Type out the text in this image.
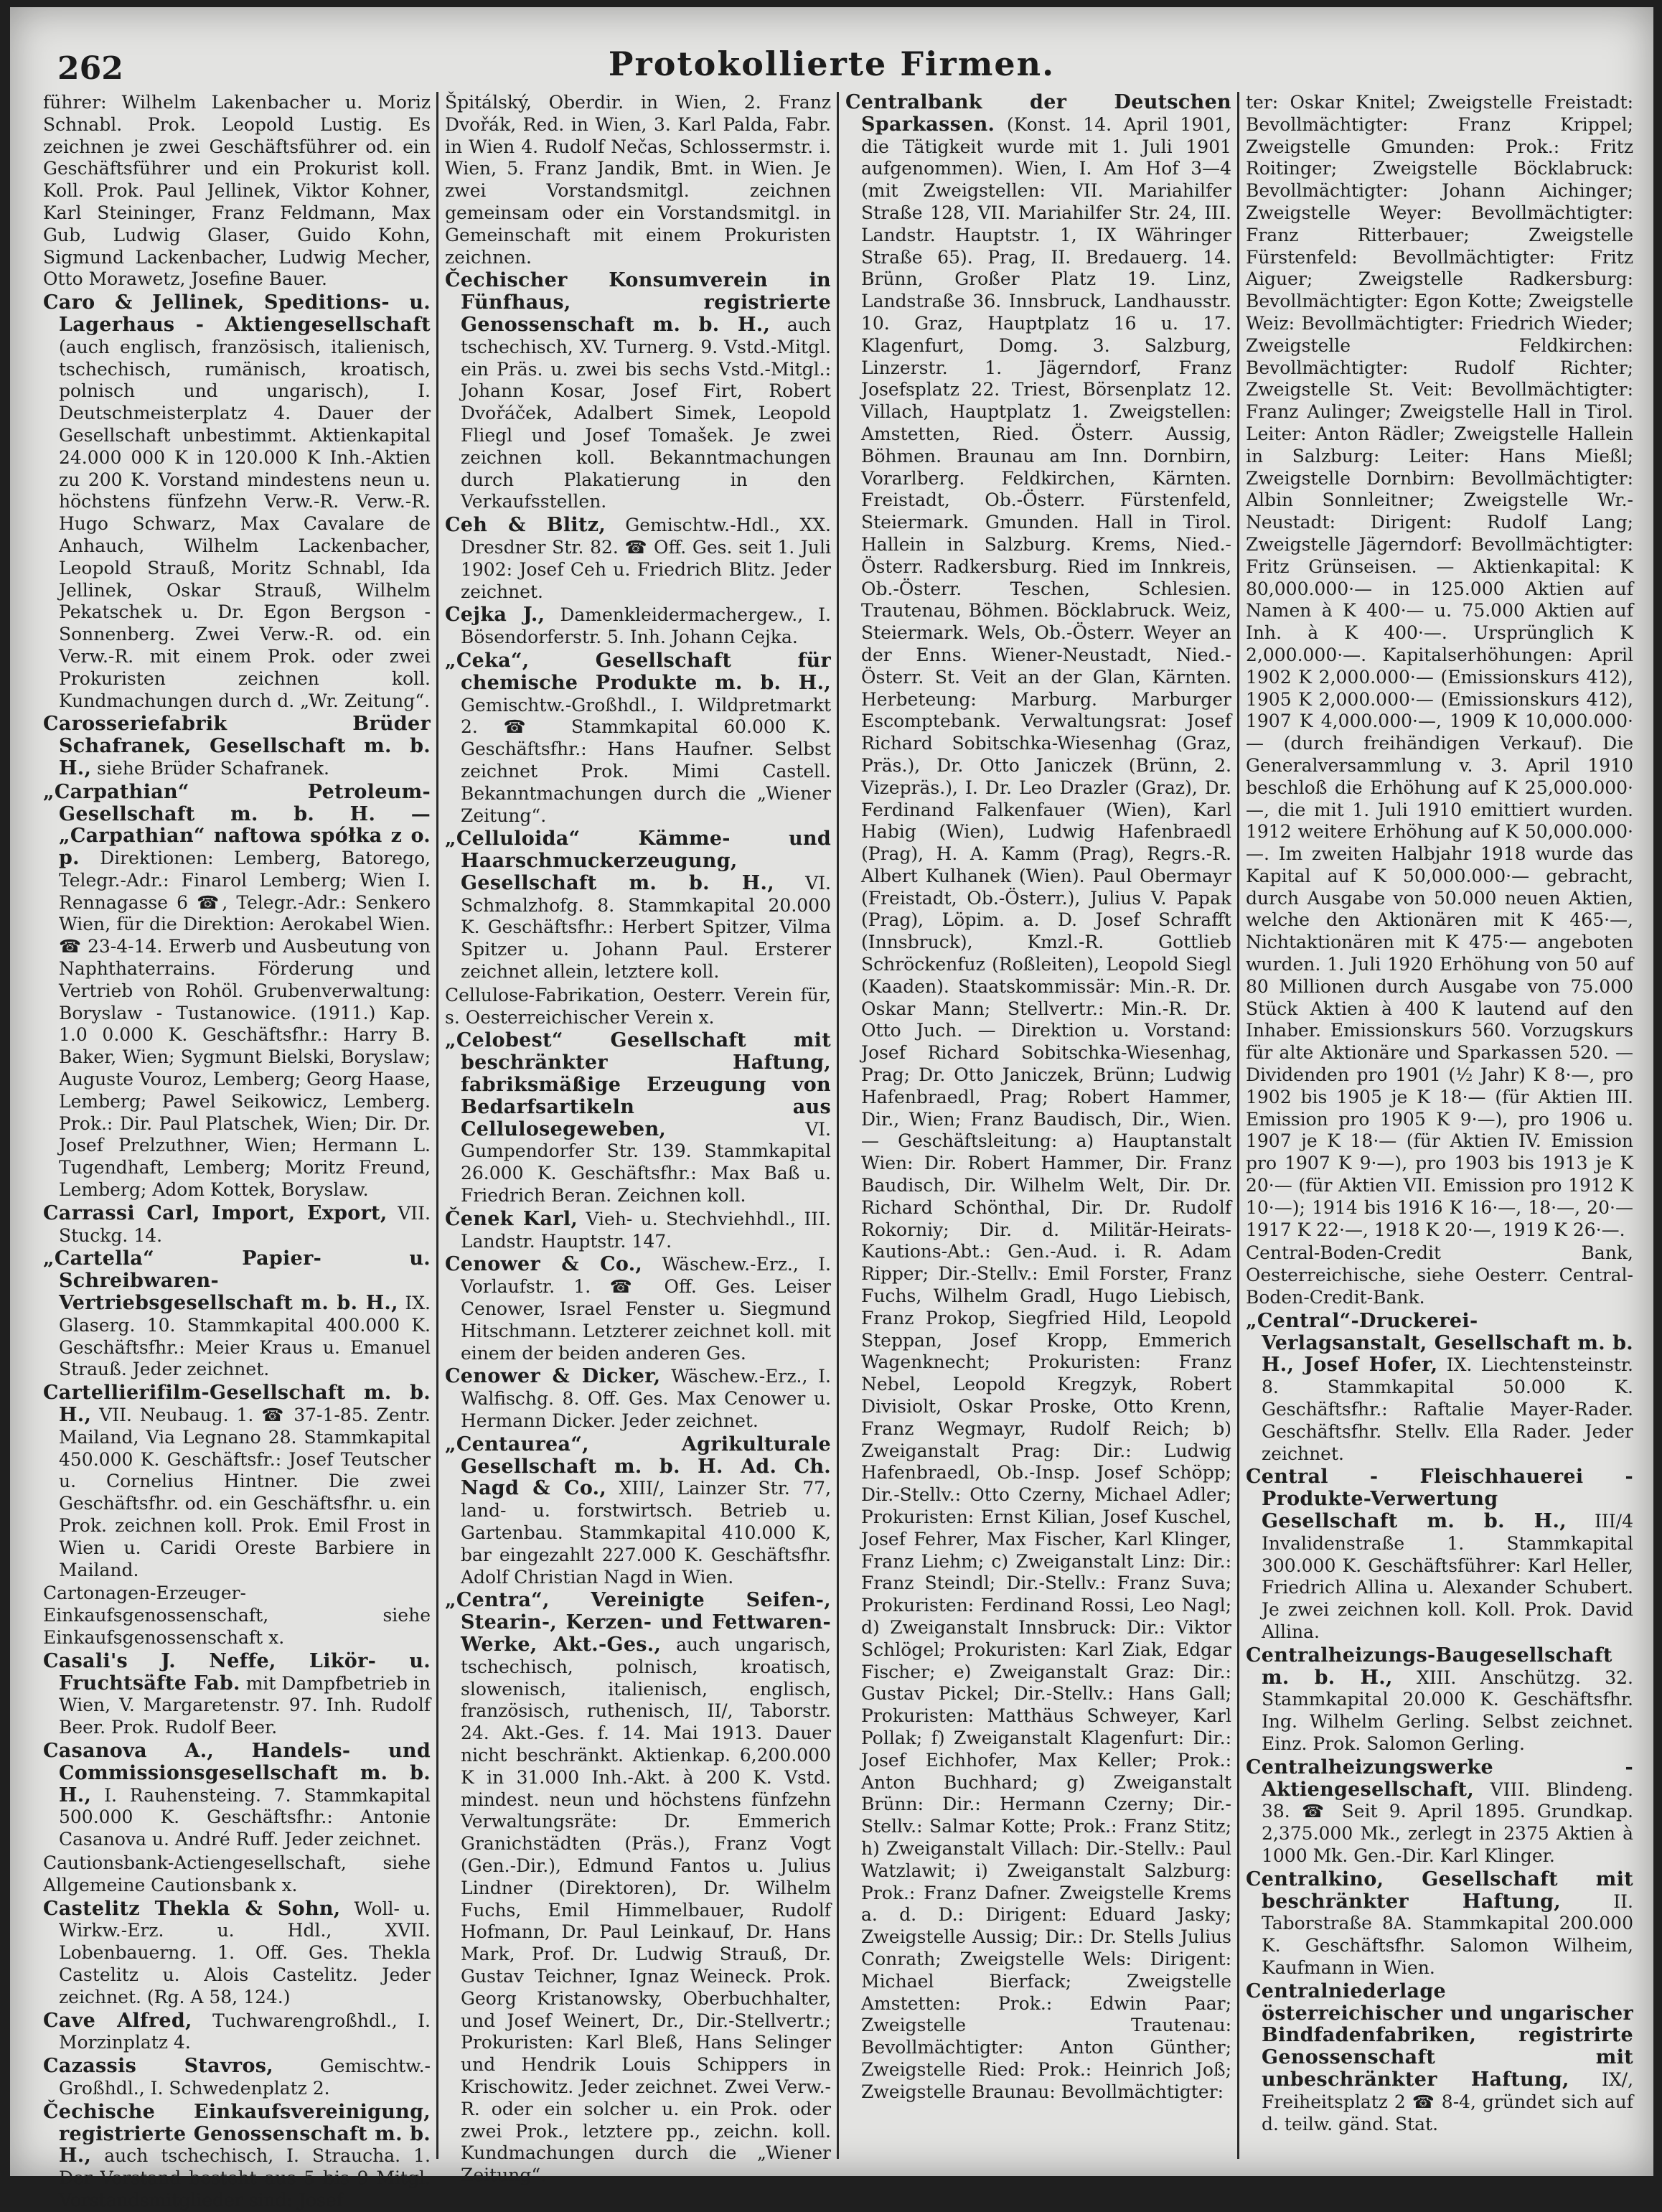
262	Protokollierte Firmen.

führer: Wilhelm Lakenbacher u. Moriz Schnabl. Prok. Leopold Lustig. Es zeichnen je zwei Geschäftsführer od. ein Geschäftsführer und ein Prokurist koll. Koll. Prok. Paul Jellinek, Viktor Kohner, Karl Steininger, Franz Feldmann, Max Gub, Ludwig Glaser, Guido Kohn, Sigmund Lackenbacher, Ludwig Mecher, Otto Morawetz, Josefine Bauer.

Caro & Jellinek, Speditions- u. Lagerhaus - Aktiengesellschaft (auch englisch, französisch, italienisch, tschechisch, rumänisch, kroatisch, polnisch und ungarisch), I. Deutschmeisterplatz 4. Dauer der Gesellschaft unbestimmt. Aktienkapital 24.000 000 K in 120.000 K Inh.-Aktien zu 200 K. Vorstand mindestens neun u. höchstens fünfzehn Verw.-R. Verw.-R. Hugo Schwarz, Max Cavalare de Anhauch, Wilhelm Lackenbacher, Leopold Strauß, Moritz Schnabl, Ida Jellinek, Oskar Strauß, Wilhelm Pekatschek u. Dr. Egon Bergson - Sonnenberg. Zwei Verw.-R. od. ein Verw.-R. mit einem Prok. oder zwei Prokuristen zeichnen koll. Kundmachungen durch d. „Wr. Zeitung“.

Carosseriefabrik Brüder Schafranek, Gesellschaft m. b. H., siehe Brüder Schafranek.

„Carpathian“ Petroleum-Gesellschaft m. b. H. — „Carpathian“ naftowa spółka z o. p. Direktionen: Lemberg, Batorego, Telegr.-Adr.: Finarol Lemberg; Wien I. Rennagasse 6 ☎, Telegr.-Adr.: Senkero Wien, für die Direktion: Aerokabel Wien. ☎ 23-4-14. Erwerb und Ausbeutung von Naphthaterrains. Förderung und Vertrieb von Rohöl. Grubenverwaltung: Boryslaw - Tustanowice. (1911.) Kap. 1.0 0.000 K. Geschäftsfhr.: Harry B. Baker, Wien; Sygmunt Bielski, Boryslaw; Auguste Vouroz, Lemberg; Georg Haase, Lemberg; Pawel Seikowicz, Lemberg. Prok.: Dir. Paul Platschek, Wien; Dir. Dr. Josef Prelzuthner, Wien; Hermann L. Tugendhaft, Lemberg; Moritz Freund, Lemberg; Adom Kottek, Boryslaw.

Carrassi Carl, Import, Export, VII. Stuckg. 14.

„Cartella“ Papier- u. Schreibwaren-Vertriebsgesellschaft m. b. H., IX. Glaserg. 10. Stammkapital 400.000 K. Geschäftsfhr.: Meier Kraus u. Emanuel Strauß. Jeder zeichnet.

Cartellierifilm-Gesellschaft m. b. H., VII. Neubaug. 1. ☎ 37-1-85. Zentr. Mailand, Via Legnano 28. Stammkapital 450.000 K. Geschäftsfr.: Josef Teutscher u. Cornelius Hintner. Die zwei Geschäftsfhr. od. ein Geschäftsfhr. u. ein Prok. zeichnen koll. Prok. Emil Frost in Wien u. Caridi Oreste Barbiere in Mailand.

Cartonagen-Erzeuger-Einkaufsgenossenschaft, siehe Einkaufsgenossenschaft x.

Casali's J. Neffe, Likör- u. Fruchtsäfte Fab. mit Dampfbetrieb in Wien, V. Margaretenstr. 97. Inh. Rudolf Beer. Prok. Rudolf Beer.

Casanova A., Handels- und Commissionsgesellschaft m. b. H., I. Rauhensteing. 7. Stammkapital 500.000 K. Geschäftsfhr.: Antonie Casanova u. André Ruff. Jeder zeichnet.

Cautionsbank-Actiengesellschaft, siehe Allgemeine Cautionsbank x.

Castelitz Thekla & Sohn, Woll- u. Wirkw.-Erz. u. Hdl., XVII. Lobenbauerng. 1. Off. Ges. Thekla Castelitz u. Alois Castelitz. Jeder zeichnet. (Rg. A 58, 124.)

Cave Alfred, Tuchwarengroßhdl., I. Morzinplatz 4.

Cazassis Stavros,	Gemischtw.-Großhdl., I. Schwedenplatz 2.

Čechische Einkaufsvereinigung, registrierte Genossenschaft m. b. H., auch tschechisch, I. Straucha. 1. Der Vorstand besteht aus 5 bis 9 Mitgl. Vorstandsmitglieder sind: Josef

Špitálský, Oberdir. in Wien, 2. Franz Dvořák, Red. in Wien, 3. Karl Palda, Fabr. in Wien 4. Rudolf Nečas, Schlossermstr. i. Wien, 5. Franz Jandik, Bmt. in Wien. Je zwei Vorstandsmitgl. zeichnen gemeinsam oder ein Vorstandsmitgl. in Gemeinschaft mit einem Prokuristen zeichnen.

Čechischer Konsumverein in Fünfhaus, registrierte Genossenschaft m. b. H., auch tschechisch, XV. Turnerg. 9. Vstd.-Mitgl. ein Präs. u. zwei bis sechs Vstd.-Mitgl.: Johann Kosar, Josef Firt, Robert Dvořáček, Adalbert Simek, Leopold Fliegl und Josef Tomašek. Je zwei zeichnen koll. Bekanntmachungen durch Plakatierung in den Verkaufsstellen.

Ceh & Blitz, Gemischtw.-Hdl., XX. Dresdner Str. 82. ☎ Off. Ges. seit 1. Juli 1902: Josef Ceh u. Friedrich Blitz. Jeder zeichnet.

Cejka J., Damenkleidermachergew., I. Bösendorferstr. 5. Inh. Johann Cejka.

„Ceka“, Gesellschaft für chemische Produkte m. b. H., Gemischtw.-Großhdl., I. Wildpretmarkt 2. ☎ Stammkapital 60.000 K. Geschäftsfhr.: Hans Haufner. Selbst zeichnet Prok. Mimi Castell. Bekanntmachungen durch die „Wiener Zeitung“.

„Celluloida“ Kämme- und Haarschmuckerzeugung, Gesellschaft m. b. H., VI. Schmalzhofg. 8. Stammkapital 20.000 K. Geschäftsfhr.: Herbert Spitzer, Vilma Spitzer u. Johann Paul. Ersterer zeichnet allein, letztere koll.

Cellulose-Fabrikation, Oesterr. Verein für, s. Oesterreichischer Verein x.

„Celobest“ Gesellschaft mit beschränkter Haftung, fabriksmäßige Erzeugung von Bedarfsartikeln aus Cellulosegeweben,	VI. Gumpendorfer Str. 139. Stammkapital 26.000 K. Geschäftsfhr.: Max Baß u. Friedrich Beran. Zeichnen koll.

Čenek Karl, Vieh- u. Stechviehhdl., III. Landstr. Hauptstr. 147.

Cenower & Co., Wäschew.-Erz., I. Vorlaufstr. 1. ☎ Off. Ges. Leiser Cenower, Israel Fenster u. Siegmund Hitschmann. Letzterer zeichnet koll. mit einem der beiden anderen Ges.

Cenower & Dicker, Wäschew.-Erz., I. Walfischg. 8. Off. Ges. Max Cenower u. Hermann Dicker. Jeder zeichnet.

„Centaurea“, Agrikulturale Gesellschaft m. b. H. Ad. Ch. Nagd & Co., XIII/, Lainzer Str. 77, land- u. forstwirtsch. Betrieb u. Gartenbau. Stammkapital 410.000 K, bar eingezahlt 227.000 K. Geschäftsfhr. Adolf Christian Nagd in Wien.

„Centra“, Vereinigte Seifen-, Stearin-, Kerzen- und Fettwaren-Werke, Akt.-Ges., auch ungarisch, tschechisch, polnisch, kroatisch, slowenisch, italienisch, englisch, französisch, ruthenisch, II/, Taborstr. 24. Akt.-Ges. f. 14. Mai 1913. Dauer nicht beschränkt. Aktienkap. 6,200.000 K in 31.000 Inh.-Akt. à 200 K. Vstd. mindest. neun und höchstens fünfzehn Verwaltungsräte: Dr. Emmerich Granichstädten (Präs.), Franz Vogt (Gen.-Dir.), Edmund Fantos u. Julius Lindner (Direktoren), Dr. Wilhelm Fuchs, Emil Himmelbauer, Rudolf Hofmann, Dr. Paul Leinkauf, Dr. Hans Mark, Prof. Dr. Ludwig Strauß, Dr. Gustav Teichner, Ignaz Weineck. Prok. Georg Kristanowsky, Oberbuchhalter, und Josef Weinert, Dr., Dir.-Stellvertr.; Prokuristen: Karl Bleß, Hans Selinger und Hendrik Louis Schippers in Krischowitz. Jeder zeichnet. Zwei Verw.-R. oder ein solcher u. ein Prok. oder zwei Prok., letztere pp., zeichn. koll. Kundmachungen durch die „Wiener Zeitung“.

Centralbank der Deutschen Sparkassen. (Konst. 14. April 1901, die Tätigkeit wurde mit 1. Juli 1901 aufgenommen). Wien, I. Am Hof 3—4 (mit Zweigstellen: VII. Mariahilfer Straße 128, VII. Mariahilfer Str. 24, III. Landstr. Hauptstr. 1, IX Währinger Straße 65). Prag, II. Bredauerg. 14. Brünn, Großer Platz 19. Linz, Landstraße 36. Innsbruck, Landhausstr. 10. Graz, Hauptplatz 16 u. 17. Klagenfurt, Domg. 3. Salzburg, Linzerstr. 1. Jägerndorf, Franz Josefsplatz 22. Triest, Börsenplatz 12. Villach, Hauptplatz 1. Zweigstellen: Amstetten, Ried. Österr. Aussig, Böhmen. Braunau am Inn. Dornbirn, Vorarlberg. Feldkirchen, Kärnten. Freistadt, Ob.-Österr. Fürstenfeld, Steiermark. Gmunden. Hall in Tirol. Hallein in Salzburg. Krems, Nied.-Österr. Radkersburg. Ried im Innkreis, Ob.-Österr. Teschen, Schlesien. Trautenau, Böhmen. Böcklabruck. Weiz, Steiermark. Wels, Ob.-Österr. Weyer an der Enns. Wiener-Neustadt, Nied.-Österr. St. Veit an der Glan, Kärnten. Herbeteung: Marburg. Marburger Escomptebank. Verwaltungsrat: Josef Richard Sobitschka-Wiesenhag (Graz, Präs.), Dr. Otto Janiczek (Brünn, 2. Vizepräs.), I. Dr. Leo Drazler (Graz), Dr. Ferdinand Falkenfauer (Wien), Karl Habig (Wien), Ludwig Hafenbraedl (Prag), H. A. Kamm (Prag), Regrs.-R. Albert Kulhanek (Wien). Paul Obermayr (Freistadt, Ob.-Österr.), Julius V. Papak (Prag), Löpim. a. D. Josef Schrafft (Innsbruck), Kmzl.-R. Gottlieb Schröckenfuz (Roßleiten), Leopold Siegl (Kaaden). Staatskommissär: Min.-R. Dr. Oskar Mann; Stellvertr.: Min.-R. Dr. Otto Juch. — Direktion u. Vorstand: Josef Richard Sobitschka-Wiesenhag, Prag; Dr. Otto Janiczek, Brünn; Ludwig Hafenbraedl, Prag; Robert Hammer, Dir., Wien; Franz Baudisch, Dir., Wien. — Geschäftsleitung: a) Hauptanstalt Wien: Dir. Robert Hammer, Dir. Franz Baudisch, Dir. Wilhelm Welt, Dir. Dr. Richard Schönthal, Dir. Dr. Rudolf Rokorniy; Dir. d. Militär-Heirats-Kautions-Abt.: Gen.-Aud. i. R. Adam Ripper; Dir.-Stellv.: Emil Forster, Franz Fuchs, Wilhelm Gradl, Hugo Liebisch, Franz Prokop, Siegfried Hild, Leopold Steppan, Josef Kropp, Emmerich Wagenknecht; Prokuristen: Franz Nebel, Leopold Kregzyk, Robert Divisiolt, Oskar Proske, Otto Krenn, Franz Wegmayr, Rudolf Reich; b) Zweiganstalt Prag: Dir.: Ludwig Hafenbraedl, Ob.-Insp. Josef Schöpp; Dir.-Stellv.: Otto Czerny, Michael Adler; Prokuristen: Ernst Kilian, Josef Kuschel, Josef Fehrer, Max Fischer, Karl Klinger, Franz Liehm; c) Zweiganstalt Linz: Dir.: Franz Steindl; Dir.-Stellv.: Franz Suva; Prokuristen: Ferdinand Rossi, Leo Nagl; d) Zweiganstalt Innsbruck: Dir.: Viktor Schlögel; Prokuristen: Karl Ziak, Edgar Fischer; e) Zweiganstalt Graz: Dir.: Gustav Pickel; Dir.-Stellv.: Hans Gall; Prokuristen: Matthäus Schweyer, Karl Pollak; f) Zweiganstalt Klagenfurt: Dir.: Josef Eichhofer, Max Keller; Prok.: Anton Buchhard; g) Zweiganstalt Brünn: Dir.: Hermann Czerny; Dir.-Stellv.: Salmar Kotte; Prok.: Franz Stitz; h) Zweiganstalt Villach: Dir.-Stellv.: Paul Watzlawit; i) Zweiganstalt Salzburg: Prok.: Franz Dafner. Zweigstelle Krems a. d. D.: Dirigent: Eduard Jasky; Zweigstelle Aussig; Dir.: Dr. Stells Julius Conrath; Zweigstelle Wels: Dirigent: Michael Bierfack; Zweigstelle Amstetten: Prok.: Edwin Paar; Zweigstelle Trautenau: Bevollmächtigter: Anton Günther; Zweigstelle Ried: Prok.: Heinrich Joß; Zweigstelle Braunau: Bevollmächtigter:

ter: Oskar Knitel; Zweigstelle Freistadt: Bevollmächtigter: Franz Krippel; Zweigstelle Gmunden: Prok.: Fritz Roitinger; Zweigstelle Böcklabruck: Bevollmächtigter: Johann Aichinger; Zweigstelle Weyer: Bevollmächtigter: Franz Ritterbauer; Zweigstelle Fürstenfeld: Bevollmächtigter: Fritz Aiguer; Zweigstelle Radkersburg: Bevollmächtigter: Egon Kotte; Zweigstelle Weiz: Bevollmächtigter: Friedrich Wieder; Zweigstelle Feldkirchen: Bevollmächtigter: Rudolf Richter; Zweigstelle St. Veit: Bevollmächtigter: Franz Aulinger; Zweigstelle Hall in Tirol. Leiter: Anton Rädler; Zweigstelle Hallein in Salzburg: Leiter: Hans Mießl; Zweigstelle Dornbirn: Bevollmächtigter: Albin Sonnleitner; Zweigstelle Wr.-Neustadt: Dirigent: Rudolf Lang; Zweigstelle Jägerndorf: Bevollmächtigter: Fritz Grünseisen. — Aktienkapital: K 80,000.000·— in 125.000 Aktien auf Namen à K 400·— u. 75.000 Aktien auf Inh. à K 400·—. Ursprünglich K 2,000.000·—. Kapitalserhöhungen: April 1902 K 2,000.000·— (Emissionskurs 412), 1905 K 2,000.000·— (Emissionskurs 412), 1907 K 4,000.000·—, 1909 K 10,000.000·— (durch freihändigen Verkauf). Die Generalversammlung v. 3. April 1910 beschloß die Erhöhung auf K 25,000.000·—, die mit 1. Juli 1910 emittiert wurden. 1912 weitere Erhöhung auf K 50,000.000·—. Im zweiten Halbjahr 1918 wurde das Kapital auf K 50,000.000·— gebracht, durch Ausgabe von 50.000 neuen Aktien, welche den Aktionären mit K 465·—, Nichtaktionären mit K 475·— angeboten wurden. 1. Juli 1920 Erhöhung von 50 auf 80 Millionen durch Ausgabe von 75.000 Stück Aktien à 400 K lautend auf den Inhaber. Emissionskurs 560. Vorzugskurs für alte Aktionäre und Sparkassen 520. — Dividenden pro 1901 (½ Jahr) K 8·—, pro 1902 bis 1905 je K 18·— (für Aktien III. Emission pro 1905 K 9·—), pro 1906 u. 1907 je K 18·— (für Aktien IV. Emission pro 1907 K 9·—), pro 1903 bis 1913 je K 20·— (für Aktien VII. Emission pro 1912 K 10·—); 1914 bis 1916 K 16·—, 18·—, 20·— 1917 K 22·—, 1918 K 20·—, 1919 K 26·—.

Central-Boden-Credit Bank, Oesterreichische, siehe Oesterr. Central-Boden-Credit-Bank.

„Central“-Druckerei-Verlagsanstalt, Gesellschaft m. b. H., Josef Hofer, IX. Liechtensteinstr. 8. Stammkapital 50.000 K. Geschäftsfhr.: Raftalie Mayer-Rader. Geschäftsfhr. Stellv. Ella Rader. Jeder zeichnet.

Central - Fleischhauerei - Produkte-Verwertung Gesellschaft m. b. H., III/4 Invalidenstraße 1. Stammkapital 300.000 K. Geschäftsführer: Karl Heller, Friedrich Allina u. Alexander Schubert. Je zwei zeichnen koll. Koll. Prok. David Allina.

Centralheizungs-Baugesellschaft m. b. H., XIII. Anschützg. 32. Stammkapital 20.000 K. Geschäftsfhr. Ing. Wilhelm Gerling. Selbst zeichnet. Einz. Prok. Salomon Gerling.

Centralheizungswerke - Aktiengesellschaft, VIII. Blindeng. 38. ☎ Seit 9. April 1895. Grundkap. 2,375.000 Mk., zerlegt in 2375 Aktien à 1000 Mk. Gen.-Dir. Karl Klinger.

Centralkino, Gesellschaft mit beschränkter Haftung,	II. Taborstraße 8A. Stammkapital 200.000 K. Geschäftsfhr. Salomon Wilheim, Kaufmann in Wien.

Centralniederlage österreichischer und ungarischer Bindfadenfabriken, registrirte Genossenschaft mit unbeschränkter Haftung, IX/, Freiheitsplatz 2 ☎ 8-4, gründet sich auf d. teilw. gänd. Stat.
